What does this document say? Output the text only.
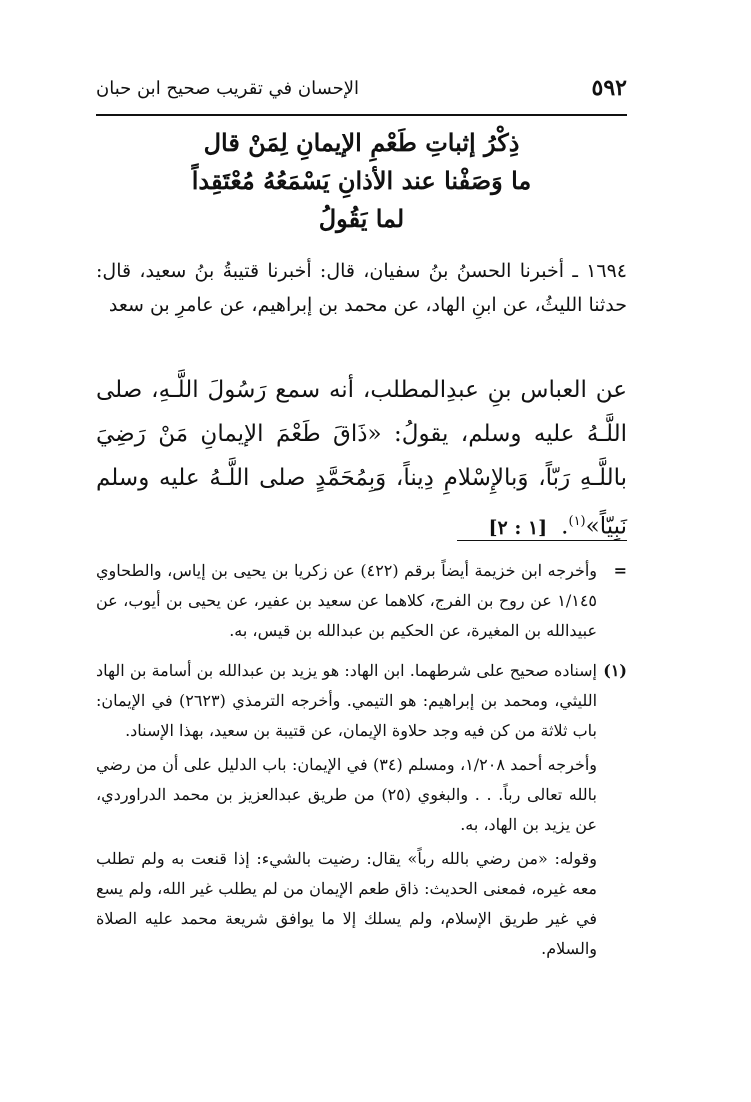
٥٩٢
الإحسان في تقريب صحيح ابن حبان
ذِكْرُ إثباتِ طَعْمِ الإيمانِ لِمَنْ قال
ما وَصَفْنا عند الأذانِ يَسْمَعُهُ مُعْتَقِداً
لما يَقُولُ
١٦٩٤ ـ أخبرنا الحسنُ بنُ سفيان، قال: أخبرنا قتيبةُ بنُ سعيد، قال: حدثنا الليثُ، عن ابنِ الهاد، عن محمد بن إبراهيم، عن عامرِ بن سعد
عن العباس بنِ عبدِالمطلب، أنه سمع رَسُولَ اللَّـهِ، صلى اللَّـهُ عليه وسلم، يقولُ: «ذَاقَ طَعْمَ الإيمانِ مَنْ رَضِيَ باللَّـهِ رَبّاً، وَبالإِسْلامِ دِيناً، وَبِمُحَمَّدٍ صلى اللَّـهُ عليه وسلم نَبِيّاً»$^{(١)}$.[١ : ٢]
=

وأخرجه ابن خزيمة أيضاً برقم (٤٢٢) عن زكريا بن يحيى بن إياس، والطحاوي ١/١٤٥ عن روح بن الفرج، كلاهما عن سعيد بن عفير، عن يحيى بن أيوب، عن عبيدالله بن المغيرة، عن الحكيم بن عبدالله بن قيس، به.

(١)

إسناده صحيح على شرطهما. ابن الهاد: هو يزيد بن عبدالله بن أسامة بن الهاد الليثي، ومحمد بن إبراهيم: هو التيمي. وأخرجه الترمذي (٢٦٢٣) في الإيمان: باب ثلاثة من كن فيه وجد حلاوة الإيمان، عن قتيبة بن سعيد، بهذا الإسناد.

وأخرجه أحمد ١/٢٠٨، ومسلم (٣٤) في الإيمان: باب الدليل على أن من رضي بالله تعالى رباً. . . والبغوي (٢٥) من طريق عبدالعزيز بن محمد الدراوردي، عن يزيد بن الهاد، به.

وقوله: «من رضي بالله رباً» يقال: رضيت بالشيء: إذا قنعت به ولم تطلب معه غيره، فمعنى الحديث: ذاق طعم الإيمان من لم يطلب غير الله، ولم يسع في غير طريق الإسلام، ولم يسلك إلا ما يوافق شريعة محمد عليه الصلاة والسلام.
